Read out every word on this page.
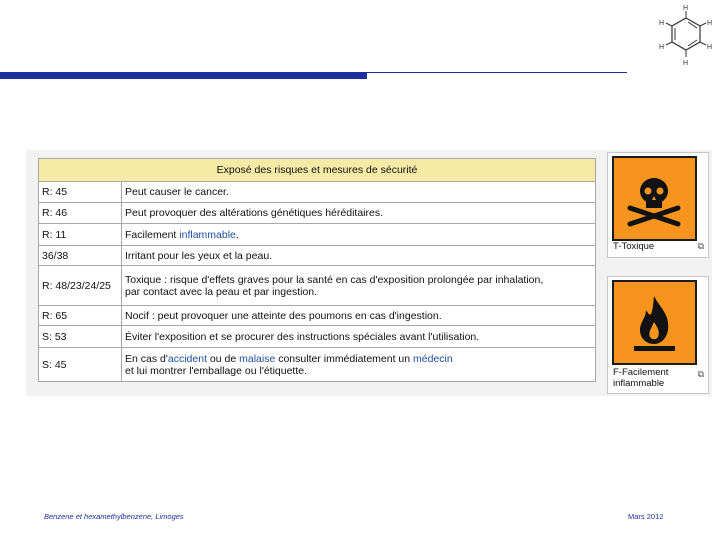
H
H
H
H
H
H
Exposé des risques et mesures de sécurité	
R: 45	Peut causer le cancer.
R: 46	Peut provoquer des altérations génétiques héréditaires.
R: 11	Facilement inflammable.
36/38	Irritant pour les yeux et la peau.
R: 48/23/24/25	Toxique : risque d'effets graves pour la santé en cas d'exposition prolongée par inhalation,
par contact avec la peau et par ingestion.

R: 65	Nocif : peut provoquer une atteinte des poumons en cas d'ingestion.
S: 53	Éviter l'exposition et se procurer des instructions spéciales avant l'utilisation.
S: 45	En cas d'accident ou de malaise consulter immédiatement un médecin
et lui montrer l'emballage ou l'étiquette.
T-Toxique	⧉
F-Facilement
inflammable
⧉
Benzene et hexamethylbenzene, Limoges	Mars 2012
